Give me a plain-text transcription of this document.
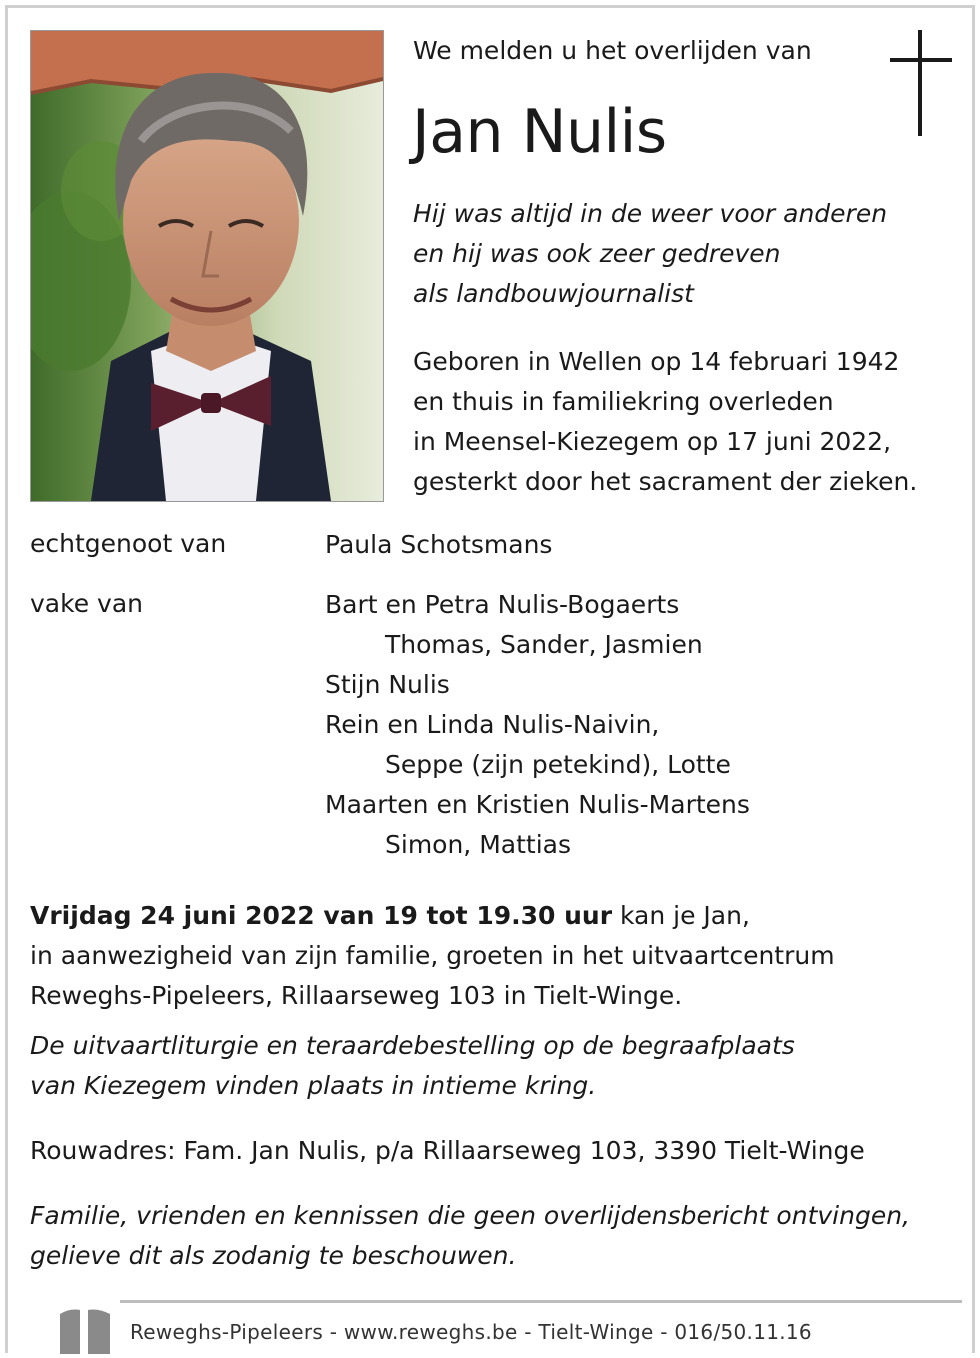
We melden u het overlijden van
Jan Nulis
Hij was altijd in de weer voor anderen
en hij was ook zeer gedreven
als landbouwjournalist
Geboren in Wellen op 14 februari 1942
en thuis in familiekring overleden
in Meensel-Kiezegem op 17 juni 2022,
gesterkt door het sacrament der zieken.
echtgenoot van	Paula Schotsmans
vake van	Bart en Petra Nulis-Bogaerts
Thomas, Sander, Jasmien
Stijn Nulis
Rein en Linda Nulis-Naivin,
Seppe (zijn petekind), Lotte
Maarten en Kristien Nulis-Martens
Simon, Mattias
Vrijdag 24 juni 2022 van 19 tot 19.30 uur kan je Jan,
in aanwezigheid van zijn familie, groeten in het uitvaartcentrum
Reweghs-Pipeleers, Rillaarseweg 103 in Tielt-Winge.
De uitvaartliturgie en teraardebestelling op de begraafplaats
van Kiezegem vinden plaats in intieme kring.
Rouwadres: Fam. Jan Nulis, p/a Rillaarseweg 103, 3390 Tielt-Winge
Familie, vrienden en kennissen die geen overlijdensbericht ontvingen,
gelieve dit als zodanig te beschouwen.
Reweghs-Pipeleers - www.reweghs.be - Tielt-Winge - 016/50.11.16
